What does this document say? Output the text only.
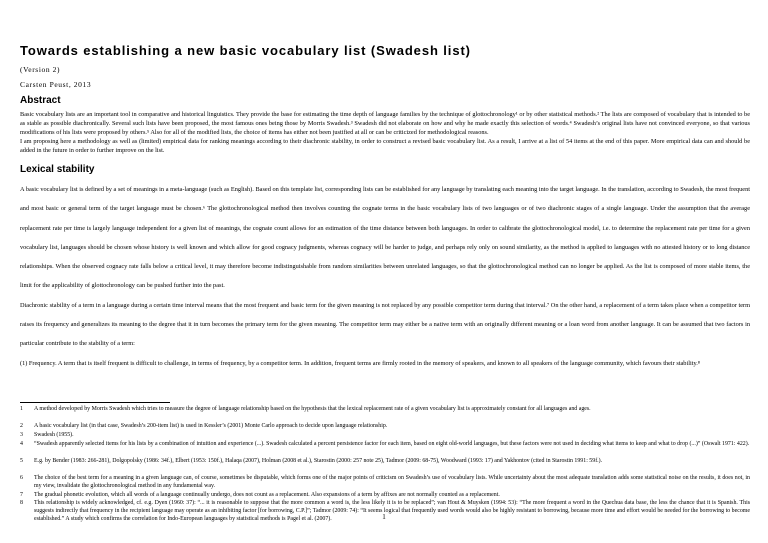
Towards establishing a new basic vocabulary list (Swadesh list)
(Version 2)
Carsten Peust, 2013
Abstract

Basic vocabulary lists are an important tool in comparative and historical linguistics. They provide the base for estimating the time depth of language families by the technique of glottochronology¹ or by other statistical methods.² The lists are composed of vocabulary that is intended to be as stable as possible diachronically. Several such lists have been proposed, the most famous ones being those by Morris Swadesh.³ Swadesh did not elaborate on how and why he made exactly this selection of words.⁴ Swadesh’s original lists have not convinced everyone, so that various modifications of his lists were proposed by others.⁵ Also for all of the modified lists, the choice of items has either not been justified at all or can be criticized for methodological reasons.

I am proposing here a methodology as well as (limited) empirical data for ranking meanings according to their diachronic stability, in order to construct a revised basic vocabulary list. As a result, I arrive at a list of 54 items at the end of this paper. More empirical data can and should be added in the future in order to further improve on the list.

Lexical stability

A basic vocabulary list is defined by a set of meanings in a meta-language (such as English). Based on this template list, corresponding lists can be established for any language by translating each meaning into the target language. In the translation, according to Swadesh, the most frequent and most basic or general term of the target language must be chosen.⁶ The glottochronological method then involves counting the cognate terms in the basic vocabulary lists of two languages or of two diachronic stages of a single language. Under the assumption that the average replacement rate per time is largely language independent for a given list of meanings, the cognate count allows for an estimation of the time distance between both languages. In order to calibrate the glottochronological model, i.e. to determine the replacement rate per time for a given vocabulary list, languages should be chosen whose history is well known and which allow for good cognacy judgments, whereas cognacy will be harder to judge, and perhaps rely only on sound similarity, as the method is applied to languages with no attested history or to long distance relationships. When the observed cognacy rate falls below a critical level, it may therefore become indistinguishable from random similarities between unrelated languages, so that the glottochronological method can no longer be applied. As the list is composed of more stable items, the limit for the applicability of glottochronology can be pushed further into the past.

Diachronic stability of a term in a language during a certain time interval means that the most frequent and basic term for the given meaning is not replaced by any possible competitor term during that interval.⁷ On the other hand, a replacement of a term takes place when a competitor term raises its frequency and generalizes its meaning to the degree that it in turn becomes the primary term for the given meaning. The competitor term may either be a native term with an originally different meaning or a loan word from another language. It can be assumed that two factors in particular contribute to the stability of a term:

(1) Frequency. A term that is itself frequent is difficult to challenge, in terms of frequency, by a competitor term. In addition, frequent terms are firmly rooted in the memory of speakers, and known to all speakers of the language community, which favours their stability.⁸

1	A method developed by Morris Swadesh which tries to measure the degree of language relationship based on the hypothesis that the lexical replacement rate of a given vocabulary list is approximately constant for all languages and ages.
2	A basic vocabulary list (in that case, Swadesh’s 200-item list) is used in Kessler’s (2001) Monte Carlo approach to decide upon language relationship.
3	Swadesh (1955).
4	“Swadesh apparently selected items for his lists by a combination of intuition and experience (...). Swadesh calculated a percent persistence factor for each item, based on eight old-world languages, but these factors were not used in deciding what items to keep and what to drop (...)” (Oswalt 1971: 422).
5	E.g. by Bender (1983: 266-281), Dolgopolsky (1986: 34f.), Elbert (1953: 150f.), Halaqa (2007), Holman (2008 et al.), Starostin (2000: 257 note 25), Tadmor (2009: 68-75), Woodward (1993: 17) and Yakhontov (cited in Starostin 1991: 59f.).
6	The choice of the best term for a meaning in a given language can, of course, sometimes be disputable, which forms one of the major points of criticism on Swadesh’s use of vocabulary lists. While uncertainty about the most adequate translation adds some statistical noise on the results, it does not, in my view, invalidate the glottochronological method in any fundamental way.
7	The gradual phonetic evolution, which all words of a language continually undergo, does not count as a replacement. Also expansions of a term by affixes are not normally counted as a replacement.
8	This relationship is widely acknowledged, cf. e.g. Dyen (1960: 37): “... it is reasonable to suppose that the more common a word is, the less likely it is to be replaced”; van Hout & Muysken (1994: 53): “The more frequent a word in the Quechua data base, the less the chance that it is Spanish. This suggests indirectly that frequency in the recipient language may operate as an inhibiting factor [for borrowing, C.P.]”; Tadmor (2009: 74): “It seems logical that frequently used words would also be highly resistant to borrowing, because more time and effort would be needed for the borrowing to become established.” A study which confirms the correlation for Indo-European languages by statistical methods is Pagel et al. (2007).	1
